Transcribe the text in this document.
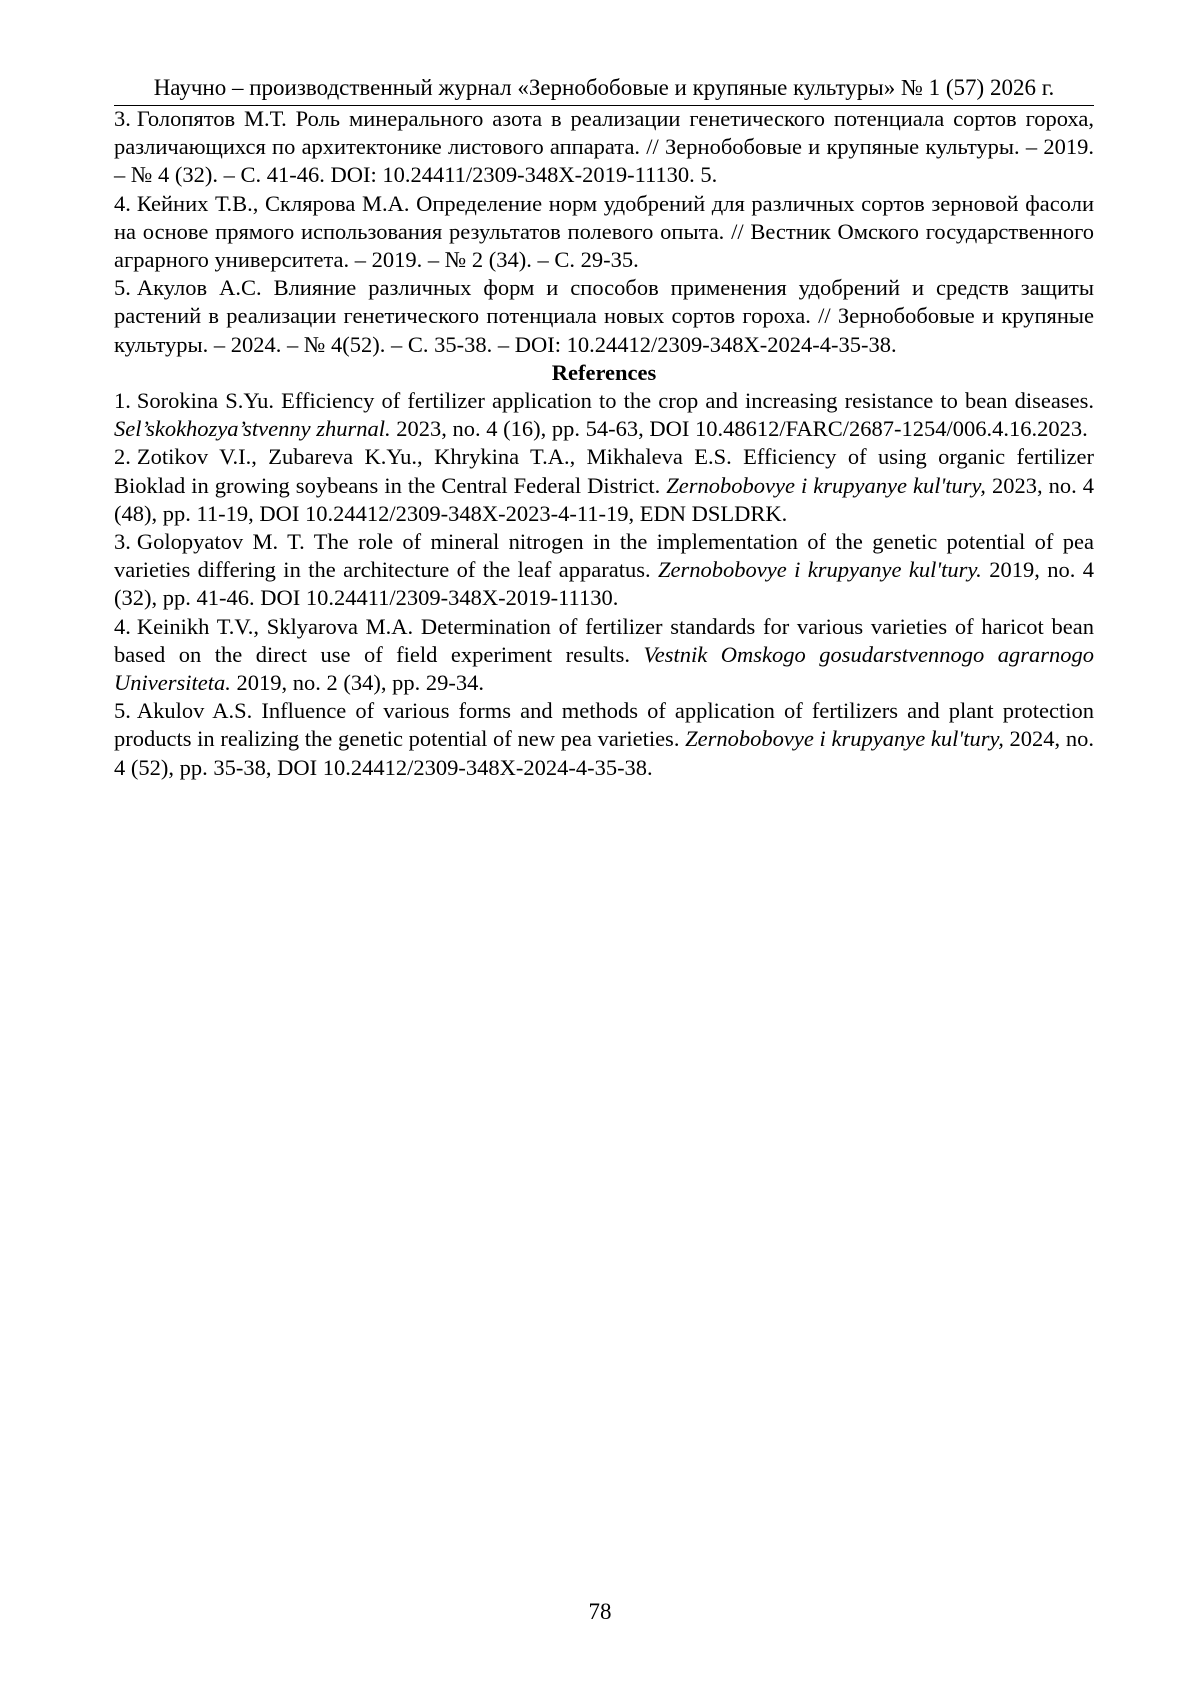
Научно – производственный журнал «Зернобобовые и крупяные культуры» № 1 (57) 2026 г.

3. Голопятов М.Т. Роль минерального азота в реализации генетического потенциала сортов гороха, различающихся по архитектонике листового аппарата. // Зернобобовые и крупяные культуры. – 2019. – № 4 (32). – С. 41-46. DOI: 10.24411/2309-348X-2019-11130. 5.

4. Кейних Т.В., Склярова М.А. Определение норм удобрений для различных сортов зерновой фасоли на основе прямого использования результатов полевого опыта. // Вестник Омского государственного аграрного университета. – 2019. – № 2 (34). – С. 29-35.

5. Акулов А.С. Влияние различных форм и способов применения удобрений и средств защиты растений в реализации генетического потенциала новых сортов гороха. // Зернобобовые и крупяные культуры. – 2024. – № 4(52). – С. 35-38. – DOI: 10.24412/2309-348X-2024-4-35-38.

References

1. Sorokina S.Yu. Efficiency of fertilizer application to the crop and increasing resistance to bean diseases. Sel’skokhozya’stvenny zhurnal. 2023, no. 4 (16), pp. 54-63, DOI 10.48612/FARC/2687-1254/006.4.16.2023.

2. Zotikov V.I., Zubareva K.Yu., Khrykina T.A., Mikhaleva E.S. Efficiency of using organic fertilizer Bioklad in growing soybeans in the Central Federal District. Zernobobovye i krupyanye kul'tury, 2023, no. 4 (48), pp. 11-19, DOI 10.24412/2309-348X-2023-4-11-19, EDN DSLDRK.

3. Golopyatov M. T. The role of mineral nitrogen in the implementation of the genetic potential of pea varieties differing in the architecture of the leaf apparatus. Zernobobovye i krupyanye kul'tury. 2019, no. 4 (32), pp. 41-46. DOI 10.24411/2309-348X-2019-11130.

4. Keinikh T.V., Sklyarova M.A. Determination of fertilizer standards for various varieties of haricot bean based on the direct use of field experiment results. Vestnik Omskogo gosudarstvennogo agrarnogo Universiteta. 2019, no. 2 (34), pp. 29-34.

5. Akulov A.S. Influence of various forms and methods of application of fertilizers and plant protection products in realizing the genetic potential of new pea varieties. Zernobobovye i krupyanye kul'tury, 2024, no. 4 (52), pp. 35-38, DOI 10.24412/2309-348X-2024-4-35-38.

78
